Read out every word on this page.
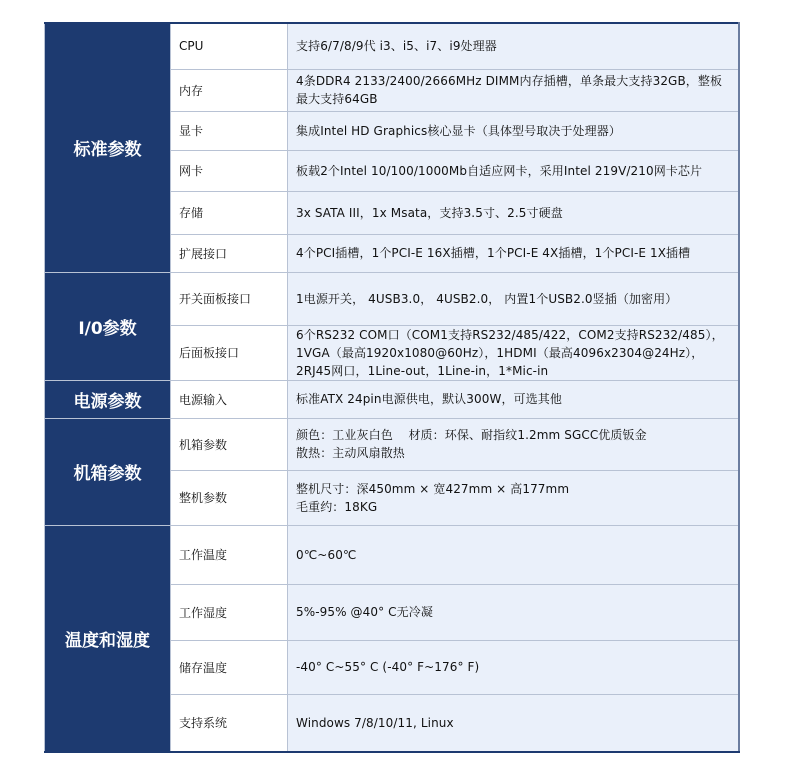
标准参数	CPU	支持6/7/8/9代 i3、i5、i7、i9处理器
	内存	4条DDR4 2133/2400/2666MHz DIMM内存插槽，单条最大支持32GB，整板最大支持64GB
	显卡	集成Intel HD Graphics核心显卡（具体型号取决于处理器）
	网卡	板载2个Intel 10/100/1000Mb自适应网卡，采用Intel 219V/210网卡芯片
	存储	3x SATA III，1x Msata，支持3.5寸、2.5寸硬盘
	扩展接口	4个PCI插槽，1个PCI-E 16X插槽，1个PCI-E 4X插槽，1个PCI-E 1X插槽
I/0参数	开关面板接口	1电源开关， 4USB3.0， 4USB2.0， 内置1个USB2.0竖插（加密用）
	后面板接口	6个RS232 COM口（COM1支持RS232/485/422，COM2支持RS232/485），1VGA（最高1920x1080@60Hz），1HDMI（最高4096x2304@24Hz），2RJ45网口，1Line-out，1Line-in，1*Mic-in
电源参数	电源输入	标准ATX 24pin电源供电，默认300W，可选其他
机箱参数	机箱参数	颜色：工业灰白色    材质：环保、耐指纹1.2mm SGCC优质钣金
散热：主动风扇散热

	整机参数	整机尺寸：深450mm × 宽427mm × 高177mm
毛重约：18KG

温度和湿度	工作温度	0℃~60℃
	工作湿度	5%-95% @40° C无冷凝
	储存温度	-40° C~55° C (-40° F~176° F)
	支持系统	Windows 7/8/10/11, Linux
